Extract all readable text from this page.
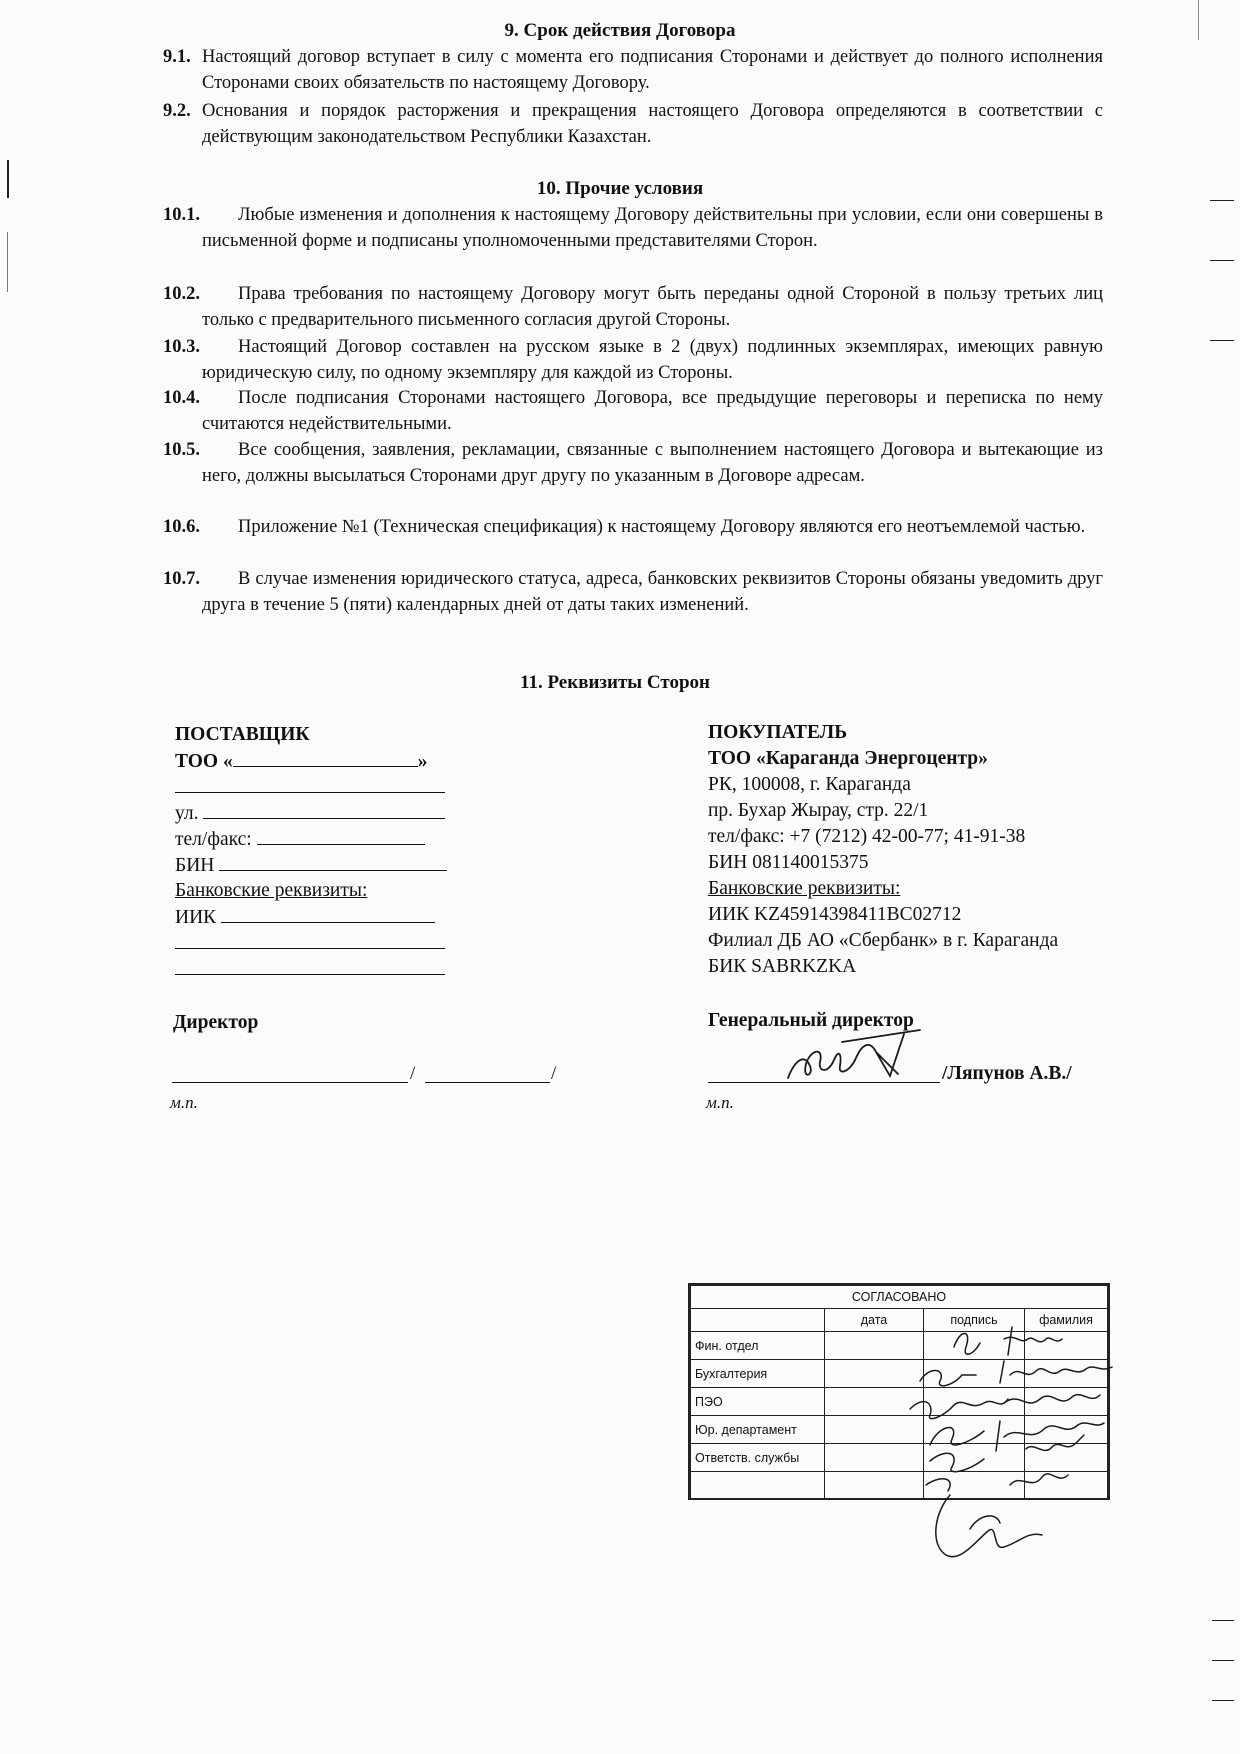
9. Срок действия Договора
9.1. Настоящий договор вступает в силу с момента его подписания Сторонами и действует до полного исполнения Сторонами своих обязательств по настоящему Договору.
9.2. Основания и порядок расторжения и прекращения настоящего Договора определяются в соответствии с действующим законодательством Республики Казахстан.
10. Прочие условия
10.1.	Любые изменения и дополнения к настоящему Договору действительны при условии, если они совершены в письменной форме и подписаны уполномоченными представителями Сторон.
10.2.	Права требования по настоящему Договору могут быть переданы одной Стороной в пользу третьих лиц только с предварительного письменного согласия другой Стороны.
10.3.	Настоящий Договор составлен на русском языке в 2 (двух) подлинных экземплярах, имеющих равную юридическую силу, по одному экземпляру для каждой из Стороны.
10.4.	После подписания Сторонами настоящего Договора, все предыдущие переговоры и переписка по нему считаются недействительными.
10.5.	Все сообщения, заявления, рекламации, связанные с выполнением настоящего Договора и вытекающие из него, должны высылаться Сторонами друг другу по указанным в Договоре адресам.
10.6.	Приложение №1 (Техническая спецификация) к настоящему Договору являются его неотъемлемой частью.
10.7.	В случае изменения юридического статуса, адреса, банковских реквизитов Стороны обязаны уведомить друг друга в течение 5 (пяти) календарных дней от даты таких изменений.
11. Реквизиты Сторон
ПОСТАВЩИК
ТОО «	»
ул.
тел/факс:
БИН
Банковские реквизиты:
ИИК
Директор
/	/
м.п.
ПОКУПАТЕЛЬ
ТОО «Караганда Энергоцентр»
РК, 100008, г. Караганда
пр. Бухар Жырау, стр. 22/1
тел/факс: +7 (7212) 42-00-77; 41-91-38
БИН 081140015375
Банковские реквизиты:
ИИК KZ45914398411BC02712
Филиал ДБ АО «Сбербанк» в г. Караганда
БИК SABRKZKA
Генеральный директор
/Ляпунов А.В./
м.п.
СОГЛАСОВАНО			
	дата	подпись	фамилия
Фин. отдел			
Бухгалтерия			
ПЭО			
Юр. департамент			
Ответств. службы			
